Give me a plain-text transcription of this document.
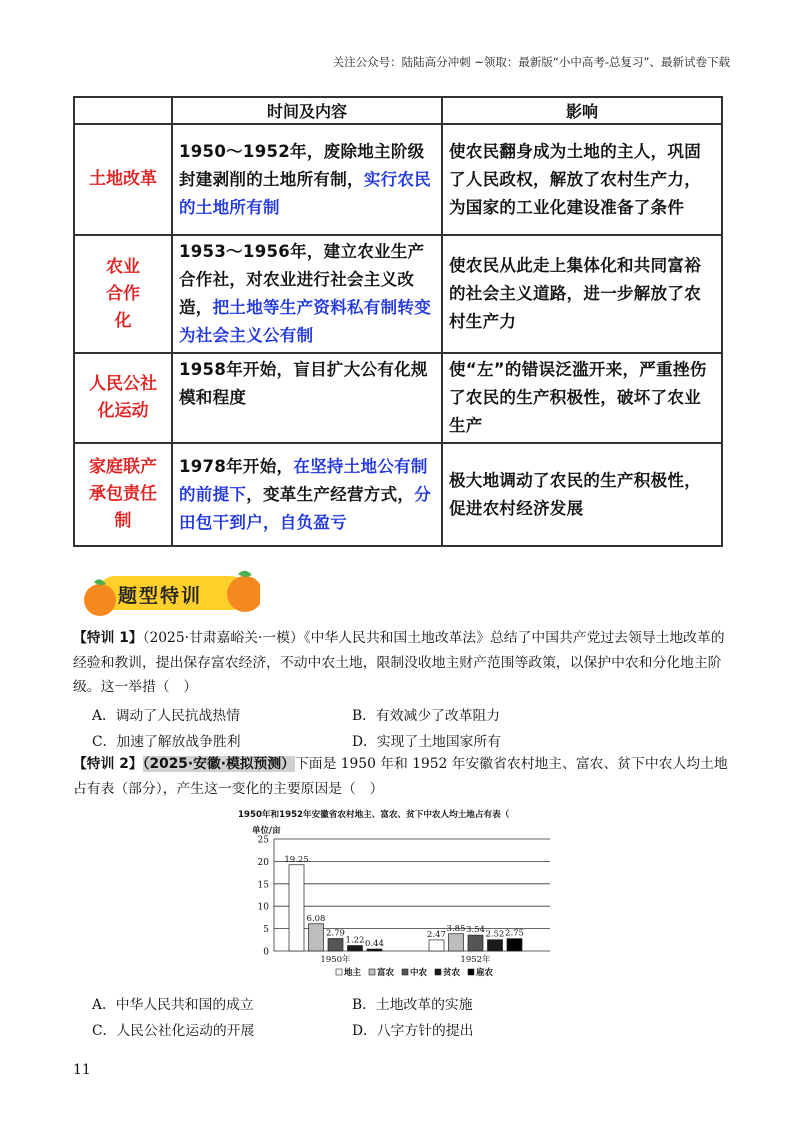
关注公众号：陆陆高分冲刺 ~领取：最新版“小中高考-总复习”、最新试卷下载
	时间及内容	影响
土地改革	1950～1952年，废除地主阶级封建剥削的土地所有制，实行农民的土地所有制	使农民翻身成为土地的主人，巩固了人民政权，解放了农村生产力，为国家的工业化建设准备了条件
农业合作化	1953～1956年，建立农业生产合作社，对农业进行社会主义改造，把土地等生产资料私有制转变为社会主义公有制	使农民从此走上集体化和共同富裕的社会主义道路，进一步解放了农村生产力
人民公社化运动	1958年开始，盲目扩大公有化规模和程度	使“左”的错误泛滥开来，严重挫伤了农民的生产积极性，破坏了农业生产
家庭联产承包责任制	1978年开始，在坚持土地公有制的前提下，变革生产经营方式，分田包干到户，自负盈亏	极大地调动了农民的生产积极性，促进农村经济发展
题型特训
【特训 1】（2025·甘肃嘉峪关·一模）《中华人民共和国土地改革法》总结了中国共产党过去领导土地改革的经验和教训，提出保存富农经济，不动中农土地，限制没收地主财产范围等政策，以保护中农和分化地主阶级。这一举措（　）
A．调动了人民抗战热情	B．有效减少了改革阻力
C．加速了解放战争胜利	D．实现了土地国家所有
【特训 2】（2025·安徽·模拟预测）下面是 1950 年和 1952 年安徽省农村地主、富农、贫下中农人均土地占有表（部分），产生这一变化的主要原因是（　）
1950年和1952年安徽省农村地主、富农、贫下中农人均土地占有表（
单位/亩
0
5
10
15
20
25
19.25
6.08
2.79
1.22 0.44
1950年
2.47
3.85 3.54 2.52 2.75
1952年
地主 富农 中农 贫农 雇农
A．中华人民共和国的成立	B．土地改革的实施
C．人民公社化运动的开展	D．八字方针的提出
11
